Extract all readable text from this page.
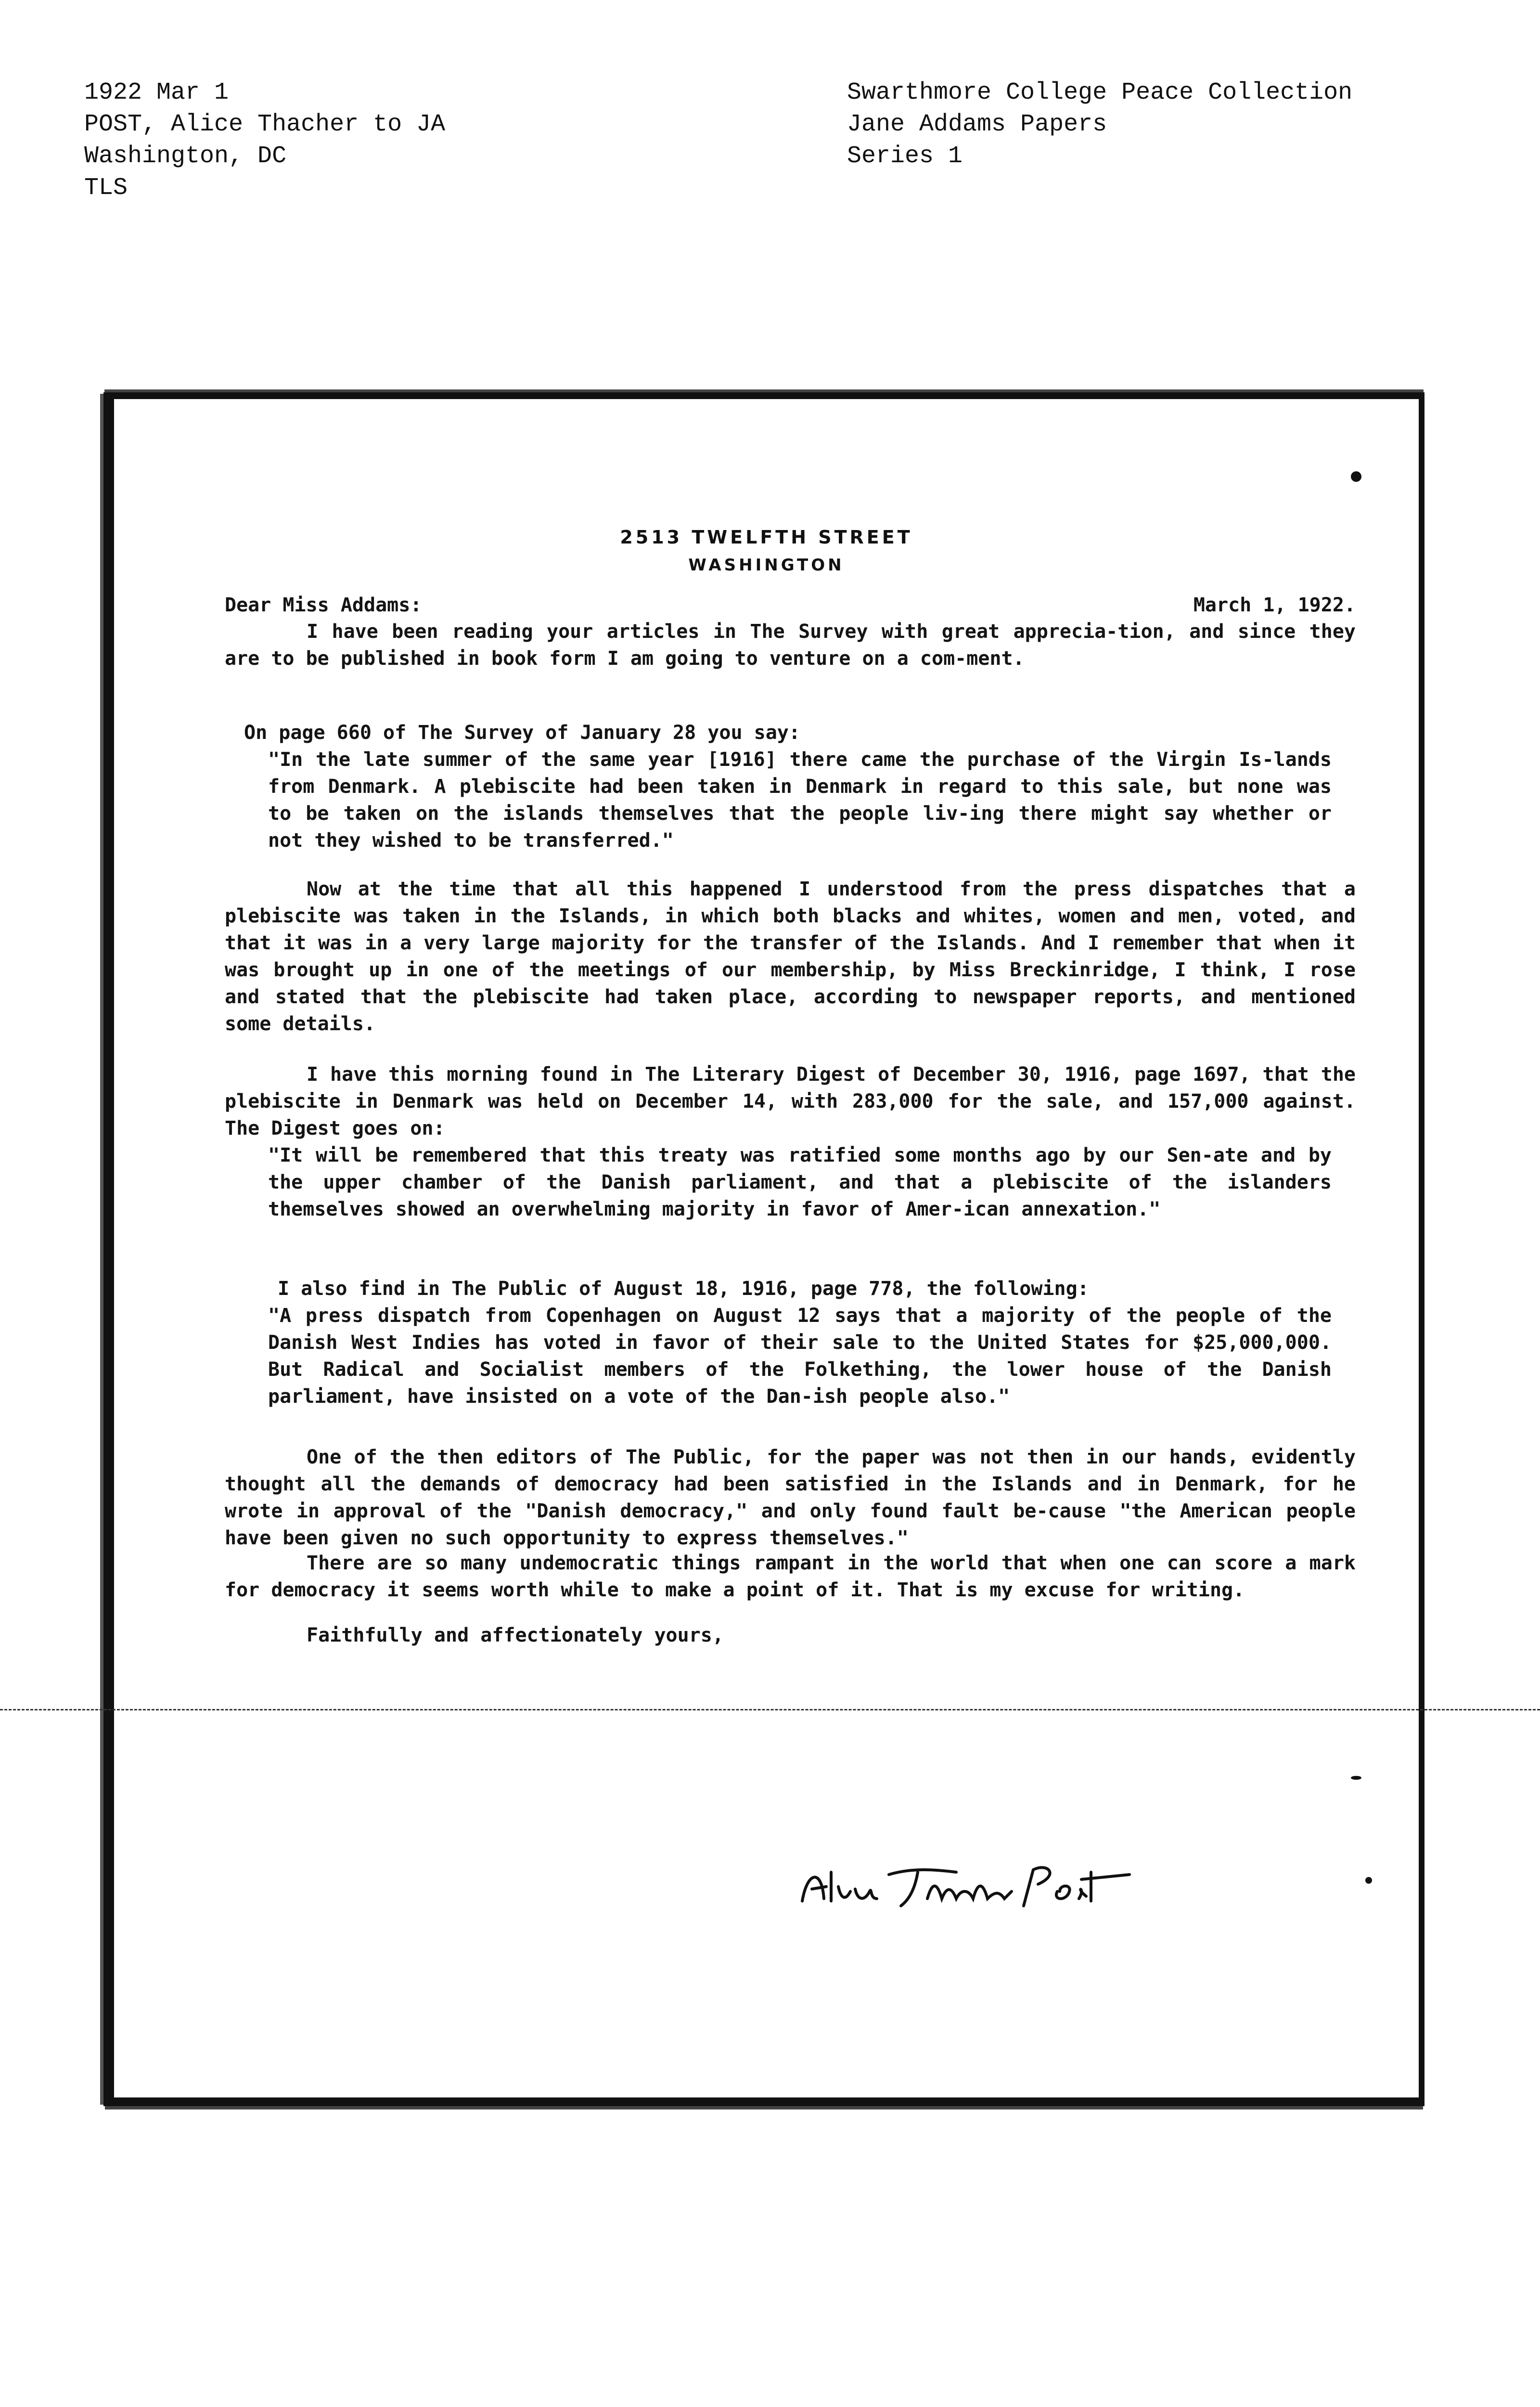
1922 Mar 1
POST, Alice Thacher to JA
Washington, DC
TLS
Swarthmore College Peace Collection
Jane Addams Papers
Series 1
2513 TWELFTH STREET
WASHINGTON
Dear Miss Addams:	March 1, 1922.
I have been reading your articles in The Survey with great apprecia-tion, and since they are to be published in book form I am going to venture on a com-ment.
On page 660 of The Survey of January 28 you say:
"In the late summer of the same year [1916] there came the purchase of the Virgin Is-lands from Denmark. A plebiscite had been taken in Denmark in regard to this sale, but none was to be taken on the islands themselves that the people liv-ing there might say whether or not they wished to be transferred."
Now at the time that all this happened I understood from the press dispatches that a plebiscite was taken in the Islands, in which both blacks and whites, women and men, voted, and that it was in a very large majority for the transfer of the Islands. And I remember that when it was brought up in one of the meetings of our membership, by Miss Breckinridge, I think, I rose and stated that the plebiscite had taken place, according to newspaper reports, and mentioned some details.
I have this morning found in The Literary Digest of December 30, 1916, page 1697, that the plebiscite in Denmark was held on December 14, with 283,000 for the sale, and 157,000 against. The Digest goes on:
"It will be remembered that this treaty was ratified some months ago by our Sen-ate and by the upper chamber of the Danish parliament, and that a plebiscite of the islanders themselves showed an overwhelming majority in favor of Amer-ican annexation."
I also find in The Public of August 18, 1916, page 778, the following:
"A press dispatch from Copenhagen on August 12 says that a majority of the people of the Danish West Indies has voted in favor of their sale to the United States for $25,000,000. But Radical and Socialist members of the Folkething, the lower house of the Danish parliament, have insisted on a vote of the Dan-ish people also."
One of the then editors of The Public, for the paper was not then in our hands, evidently thought all the demands of democracy had been satisfied in the Islands and in Denmark, for he wrote in approval of the "Danish democracy," and only found fault be-cause "the American people have been given no such opportunity to express themselves."
There are so many undemocratic things rampant in the world that when one can score a mark for democracy it seems worth while to make a point of it. That is my excuse for writing.
Faithfully and affectionately yours,
